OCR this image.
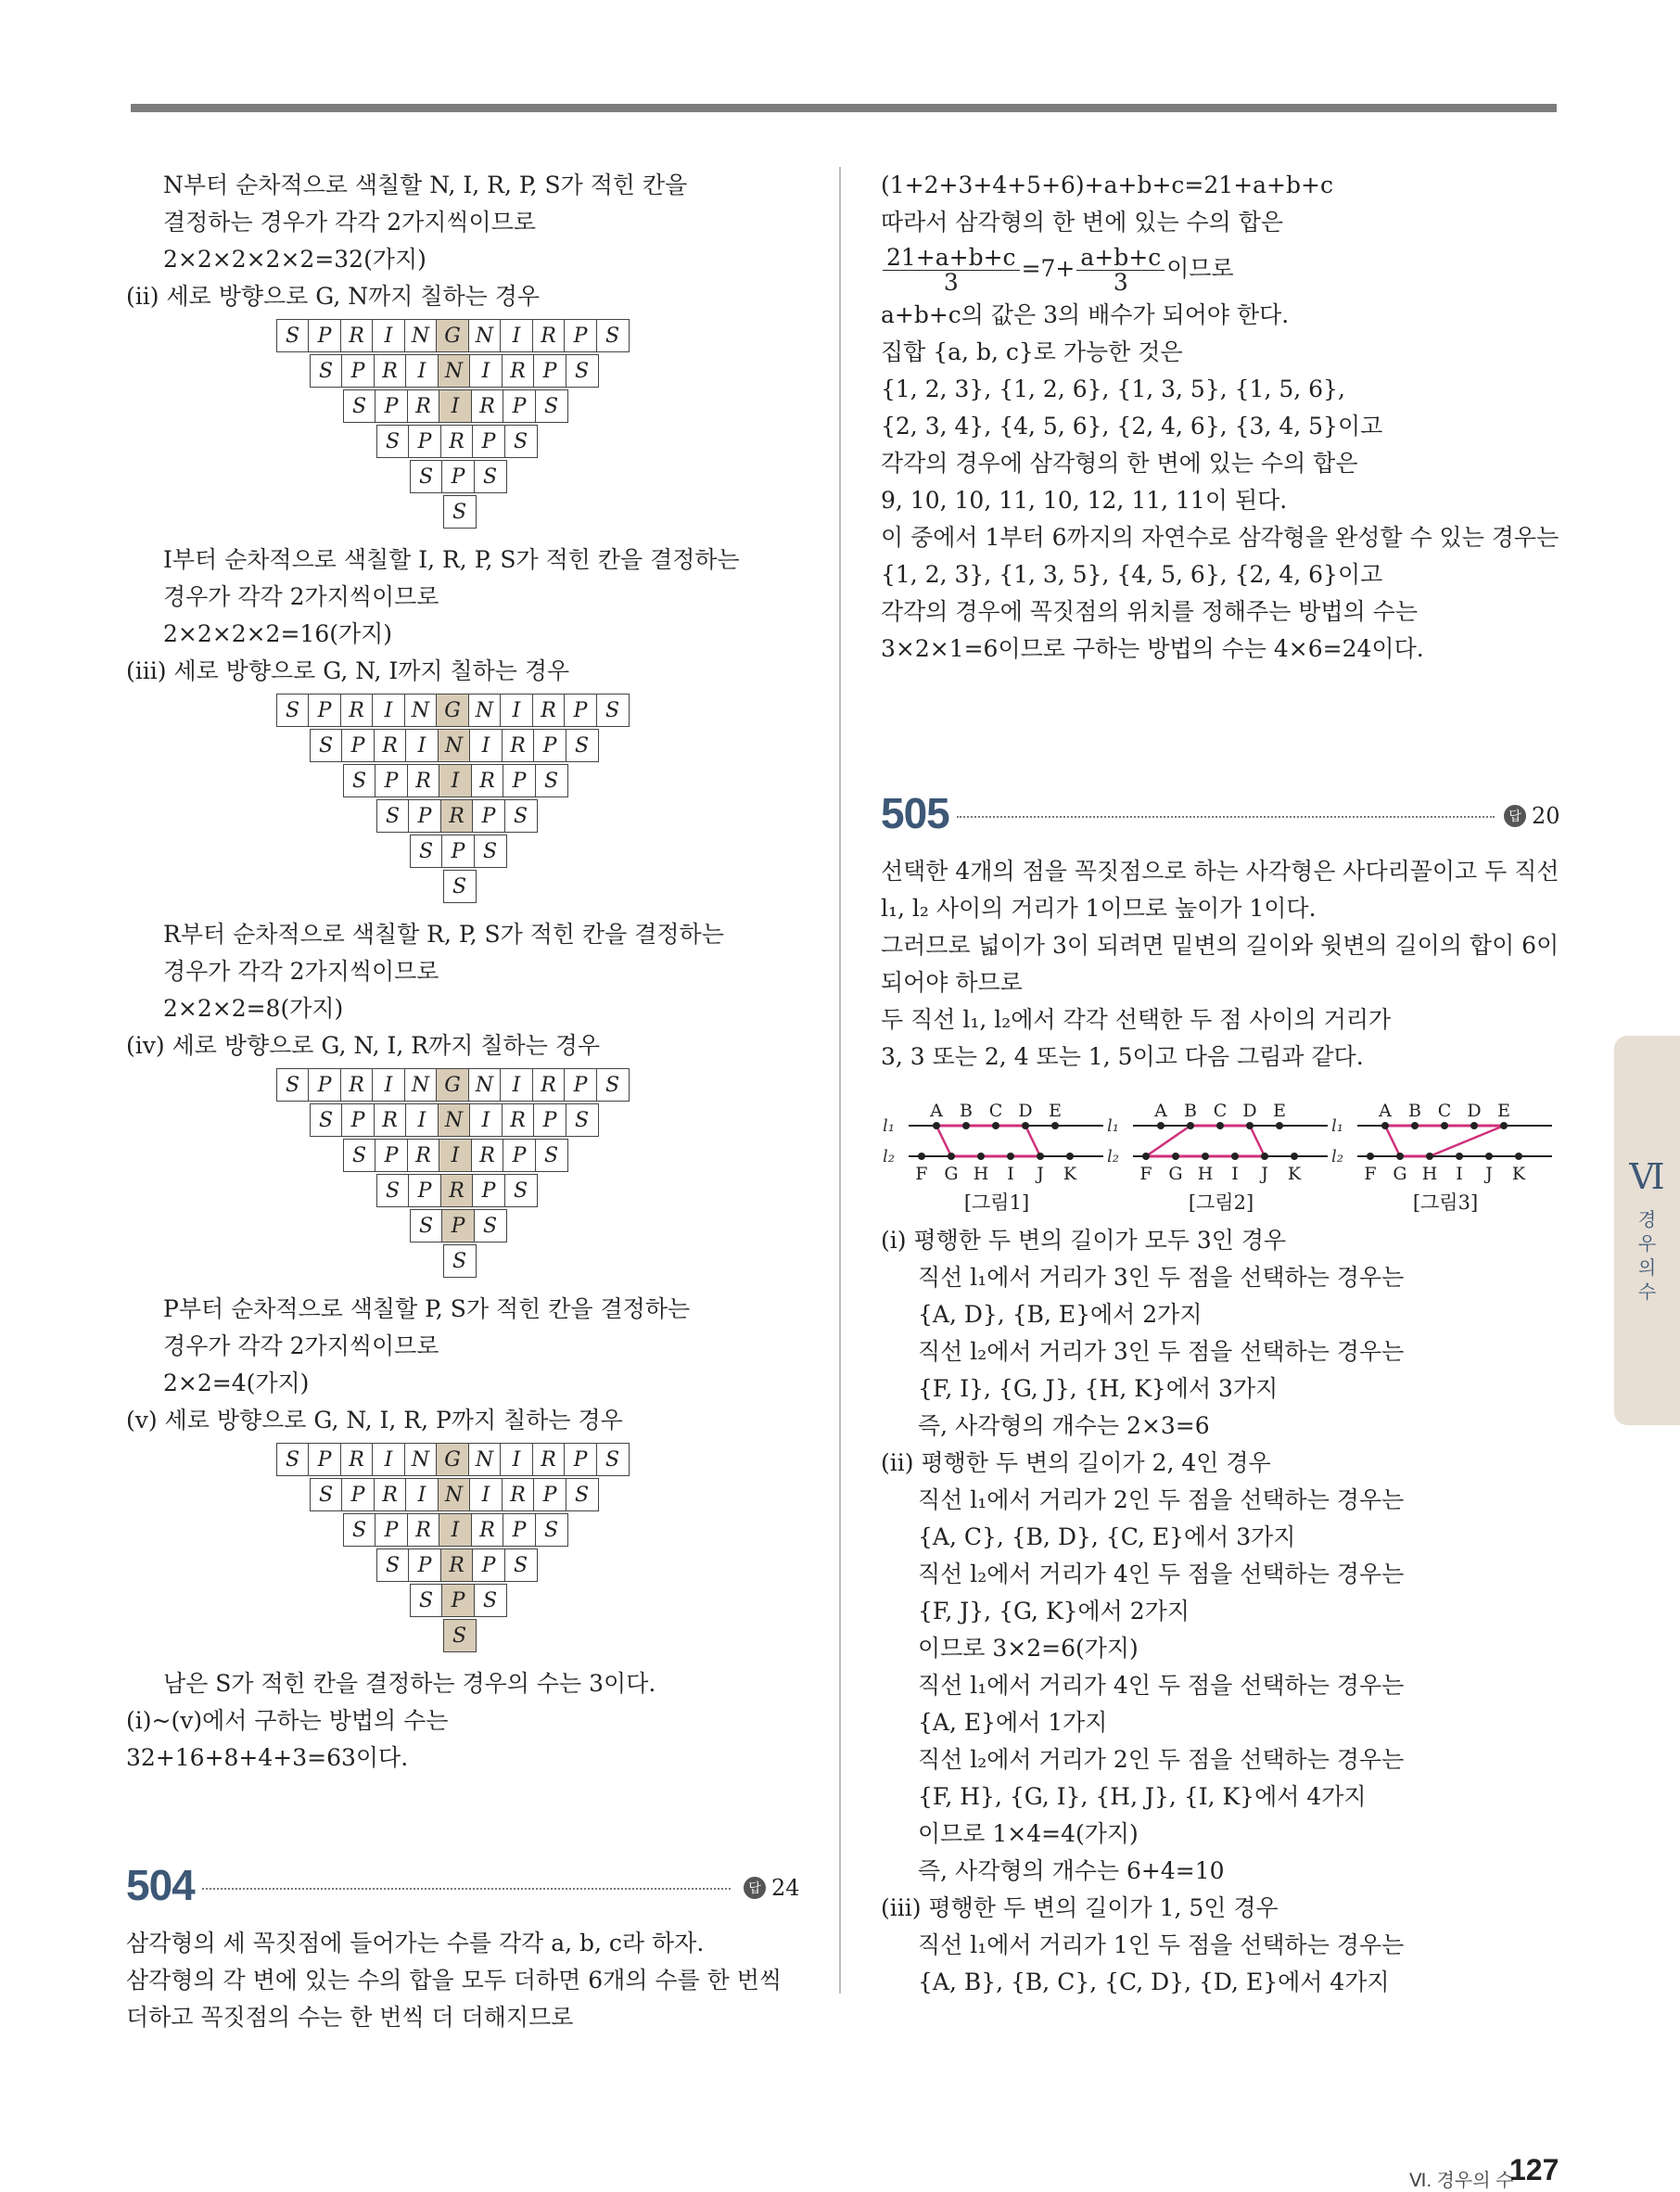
N부터 순차적으로 색칠할 N, I, R, P, S가 적힌 칸을
결정하는 경우가 각각 2가지씩이므로
2×2×2×2×2=32(가지)
(ii) 세로 방향으로 G, N까지 칠하는 경우
S P R I N G N I R P S
S P R I N I R P S
S P R I R P S
S P R P S
S P S
S
I부터 순차적으로 색칠할 I, R, P, S가 적힌 칸을 결정하는
경우가 각각 2가지씩이므로
2×2×2×2=16(가지)
(iii) 세로 방향으로 G, N, I까지 칠하는 경우
S P R I N G N I R P S
S P R I N I R P S
S P R I R P S
S P R P S
S P S
S
R부터 순차적으로 색칠할 R, P, S가 적힌 칸을 결정하는
경우가 각각 2가지씩이므로
2×2×2=8(가지)
(iv) 세로 방향으로 G, N, I, R까지 칠하는 경우
S P R I N G N I R P S
S P R I N I R P S
S P R I R P S
S P R P S
S P S
S
P부터 순차적으로 색칠할 P, S가 적힌 칸을 결정하는
경우가 각각 2가지씩이므로
2×2=4(가지)
(v) 세로 방향으로 G, N, I, R, P까지 칠하는 경우
S P R I N G N I R P S
S P R I N I R P S
S P R I R P S
S P R P S
S P S
S
남은 S가 적힌 칸을 결정하는 경우의 수는 3이다.
(i)~(v)에서 구하는 방법의 수는
32+16+8+4+3=63이다.
504	답 24
삼각형의 세 꼭짓점에 들어가는 수를 각각 a, b, c라 하자.
삼각형의 각 변에 있는 수의 합을 모두 더하면 6개의 수를 한 번씩
더하고 꼭짓점의 수는 한 번씩 더 더해지므로
(1+2+3+4+5+6)+a+b+c=21+a+b+c
따라서 삼각형의 한 변에 있는 수의 합은
$\frac{21+a+b+c}{3} =7+ \frac{a+b+c}{3}$ 이므로
a+b+c의 값은 3의 배수가 되어야 한다.
집합 {a, b, c}로 가능한 것은
{1, 2, 3}, {1, 2, 6}, {1, 3, 5}, {1, 5, 6},
{2, 3, 4}, {4, 5, 6}, {2, 4, 6}, {3, 4, 5}이고
각각의 경우에 삼각형의 한 변에 있는 수의 합은
9, 10, 10, 11, 10, 12, 11, 11이 된다.
이 중에서 1부터 6까지의 자연수로 삼각형을 완성할 수 있는 경우는
{1, 2, 3}, {1, 3, 5}, {4, 5, 6}, {2, 4, 6}이고
각각의 경우에 꼭짓점의 위치를 정해주는 방법의 수는
3×2×1=6이므로 구하는 방법의 수는 4×6=24이다.
505	답 20
선택한 4개의 점을 꼭짓점으로 하는 사각형은 사다리꼴이고 두 직선
l₁, l₂ 사이의 거리가 1이므로 높이가 1이다.
그러므로 넓이가 3이 되려면 밑변의 길이와 윗변의 길이의 합이 6이
되어야 하므로
두 직선 l₁, l₂에서 각각 선택한 두 점 사이의 거리가
3, 3 또는 2, 4 또는 1, 5이고 다음 그림과 같다.
l₁
l₂
A B C D E
F G H I J K
[그림1]
l₁
l₂
A B C D E
F G H I J K
[그림2]
l₁
l₂
A B C D E
F G H I J K
[그림3]
(i) 평행한 두 변의 길이가 모두 3인 경우
직선 l₁에서 거리가 3인 두 점을 선택하는 경우는
{A, D}, {B, E}에서 2가지
직선 l₂에서 거리가 3인 두 점을 선택하는 경우는
{F, I}, {G, J}, {H, K}에서 3가지
즉, 사각형의 개수는 2×3=6
(ii) 평행한 두 변의 길이가 2, 4인 경우
직선 l₁에서 거리가 2인 두 점을 선택하는 경우는
{A, C}, {B, D}, {C, E}에서 3가지
직선 l₂에서 거리가 4인 두 점을 선택하는 경우는
{F, J}, {G, K}에서 2가지
이므로 3×2=6(가지)
직선 l₁에서 거리가 4인 두 점을 선택하는 경우는
{A, E}에서 1가지
직선 l₂에서 거리가 2인 두 점을 선택하는 경우는
{F, H}, {G, I}, {H, J}, {I, K}에서 4가지
이므로 1×4=4(가지)
즉, 사각형의 개수는 6+4=10
(iii) 평행한 두 변의 길이가 1, 5인 경우
직선 l₁에서 거리가 1인 두 점을 선택하는 경우는
{A, B}, {B, C}, {C, D}, {D, E}에서 4가지
Ⅵ
경
우
의
수
Ⅵ. 경우의 수
127
